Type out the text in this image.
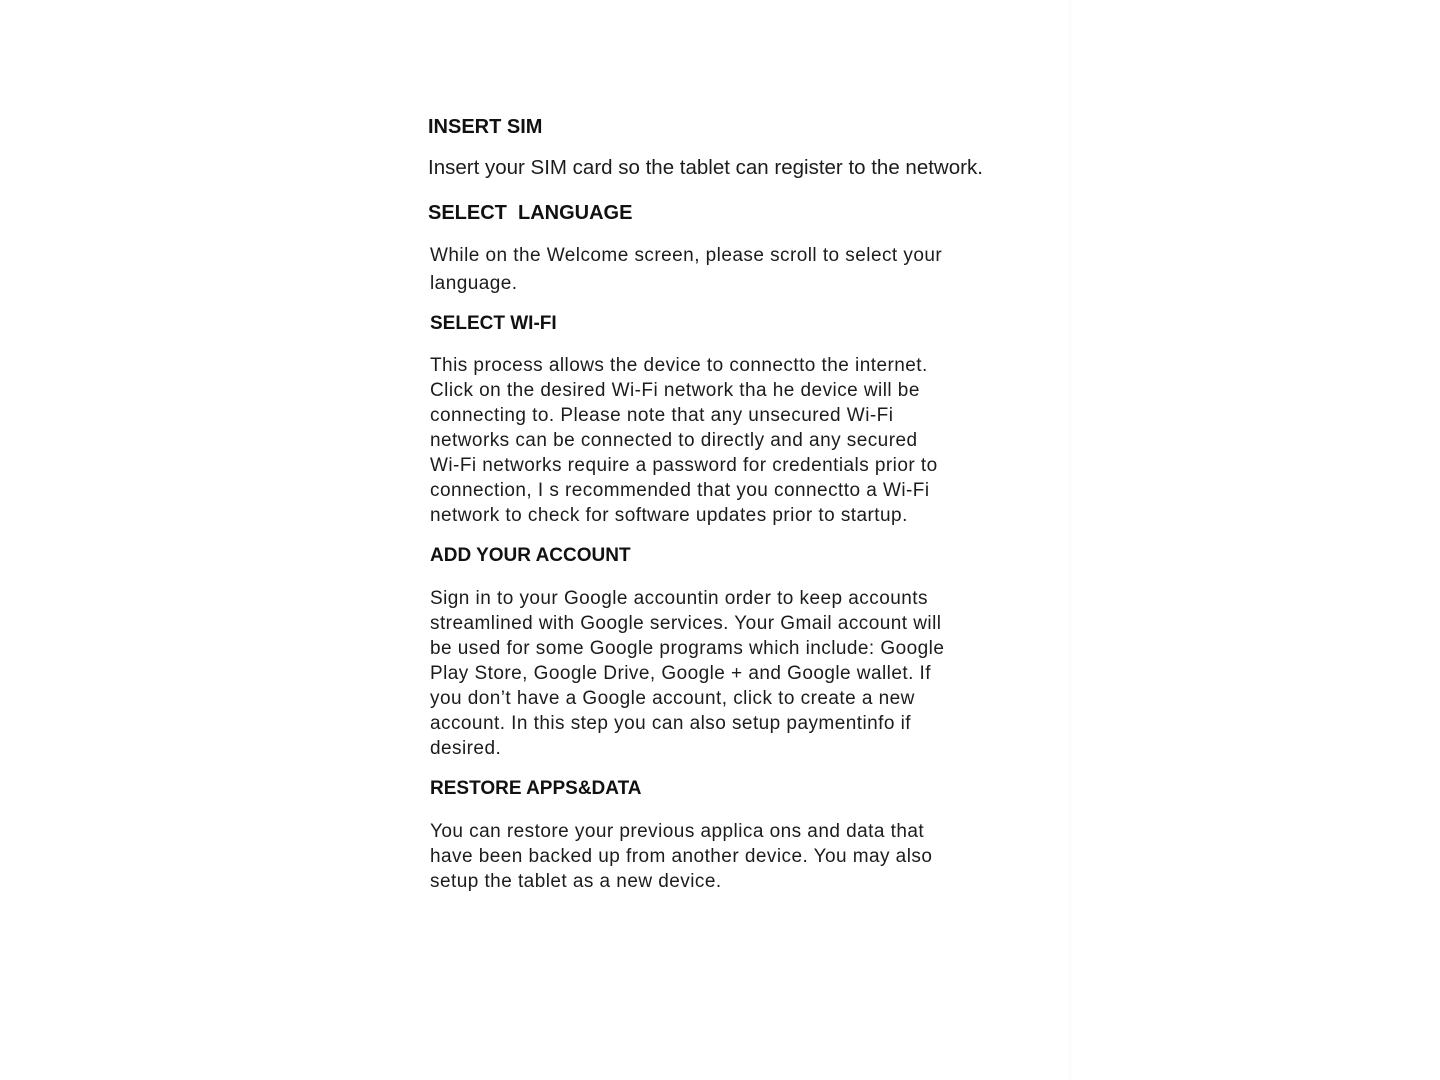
INSERT SIM

Insert your SIM card so the tablet can register to the network.

SELECT  LANGUAGE

While on the Welcome screen, please scroll to select your
language.

SELECT WI-FI

This process allows the device to connectto the internet.
Click on the desired Wi-Fi network tha he device will be
connecting to. Please note that any unsecured Wi-Fi
networks can be connected to directly and any secured
Wi-Fi networks require a password for credentials prior to
connection, I s recommended that you connectto a Wi-Fi
network to check for software updates prior to startup.

ADD YOUR ACCOUNT

Sign in to your Google accountin order to keep accounts
streamlined with Google services. Your Gmail account will
be used for some Google programs which include: Google
Play Store, Google Drive, Google + and Google wallet. If
you don’t have a Google account, click to create a new
account. In this step you can also setup paymentinfo if
desired.

RESTORE APPS&DATA

You can restore your previous applica ons and data that
have been backed up from another device. You may also
setup the tablet as a new device.
